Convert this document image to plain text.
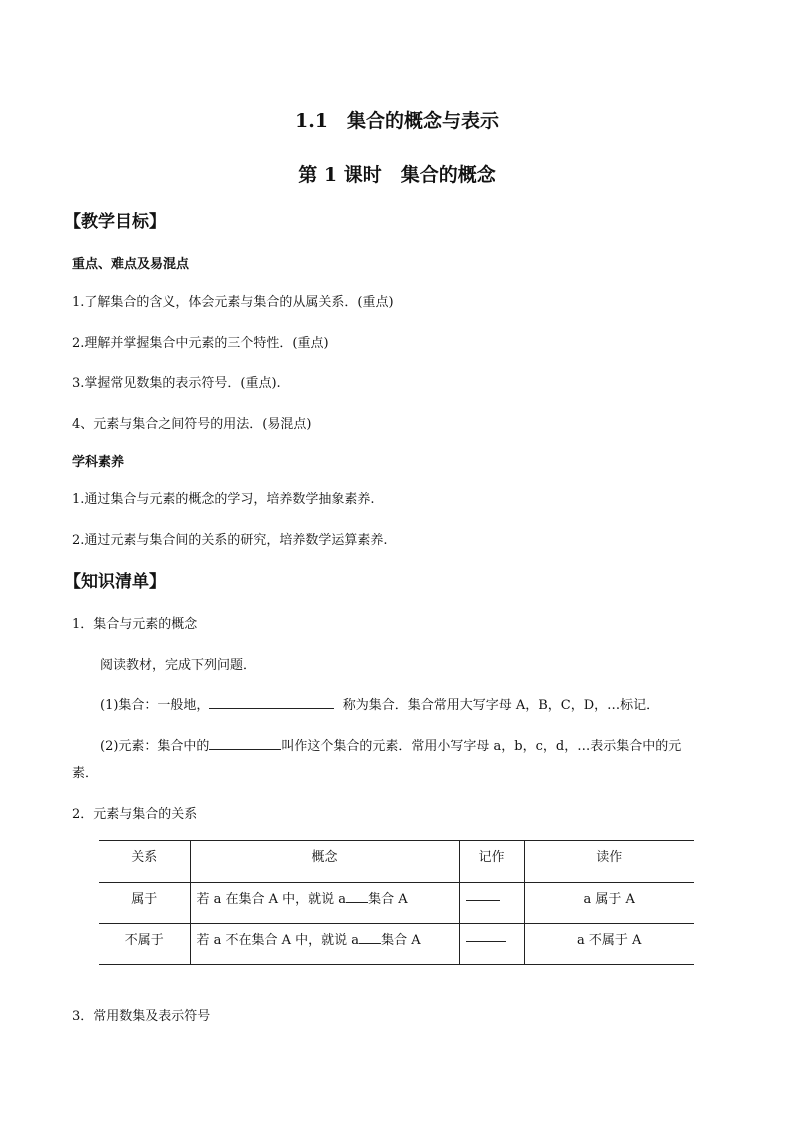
1.1　集合的概念与表示
第 1 课时　集合的概念
【教学目标】
重点、难点及易混点
1.了解集合的含义，体会元素与集合的从属关系．(重点)
2.理解并掌握集合中元素的三个特性．(重点)
3.掌握常见数集的表示符号．(重点).
4、元素与集合之间符号的用法．(易混点)
学科素养
1.通过集合与元素的概念的学习，培养数学抽象素养.
2.通过元素与集合间的关系的研究，培养数学运算素养.
【知识清单】
1．集合与元素的概念
阅读教材，完成下列问题．
(1)集合：一般地，	称为集合．集合常用大写字母 A，B，C，D，…标记．
(2)元素：集合中的	叫作这个集合的元素．常用小写字母 a，b，c，d，…表示集合中的元
素．
2．元素与集合的关系
关系	概念	记作	读作
属于	若 a 在集合 A 中，就说 a 集合 A		a 属于 A
不属于	若 a 不在集合 A 中，就说 a 集合 A		a 不属于 A
3．常用数集及表示符号
